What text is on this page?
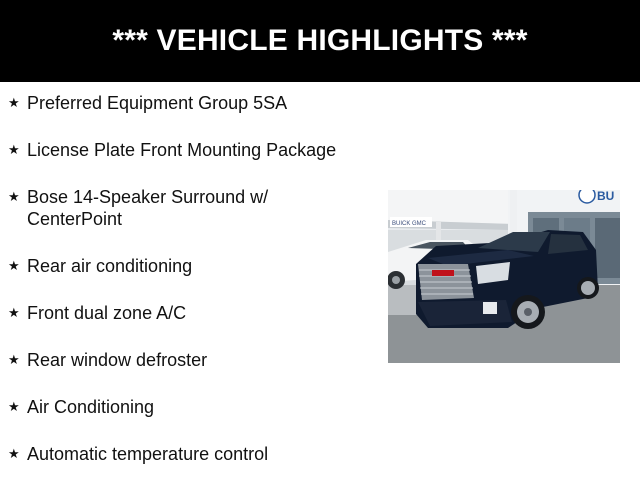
*** VEHICLE HIGHLIGHTS ***
★ Preferred Equipment Group 5SA
★ License Plate Front Mounting Package
★ Bose 14-Speaker Surround w/ CenterPoint
★ Rear air conditioning
★ Front dual zone A/C
★ Rear window defroster
★ Air Conditioning
★ Automatic temperature control
BU
BUICK GMC
